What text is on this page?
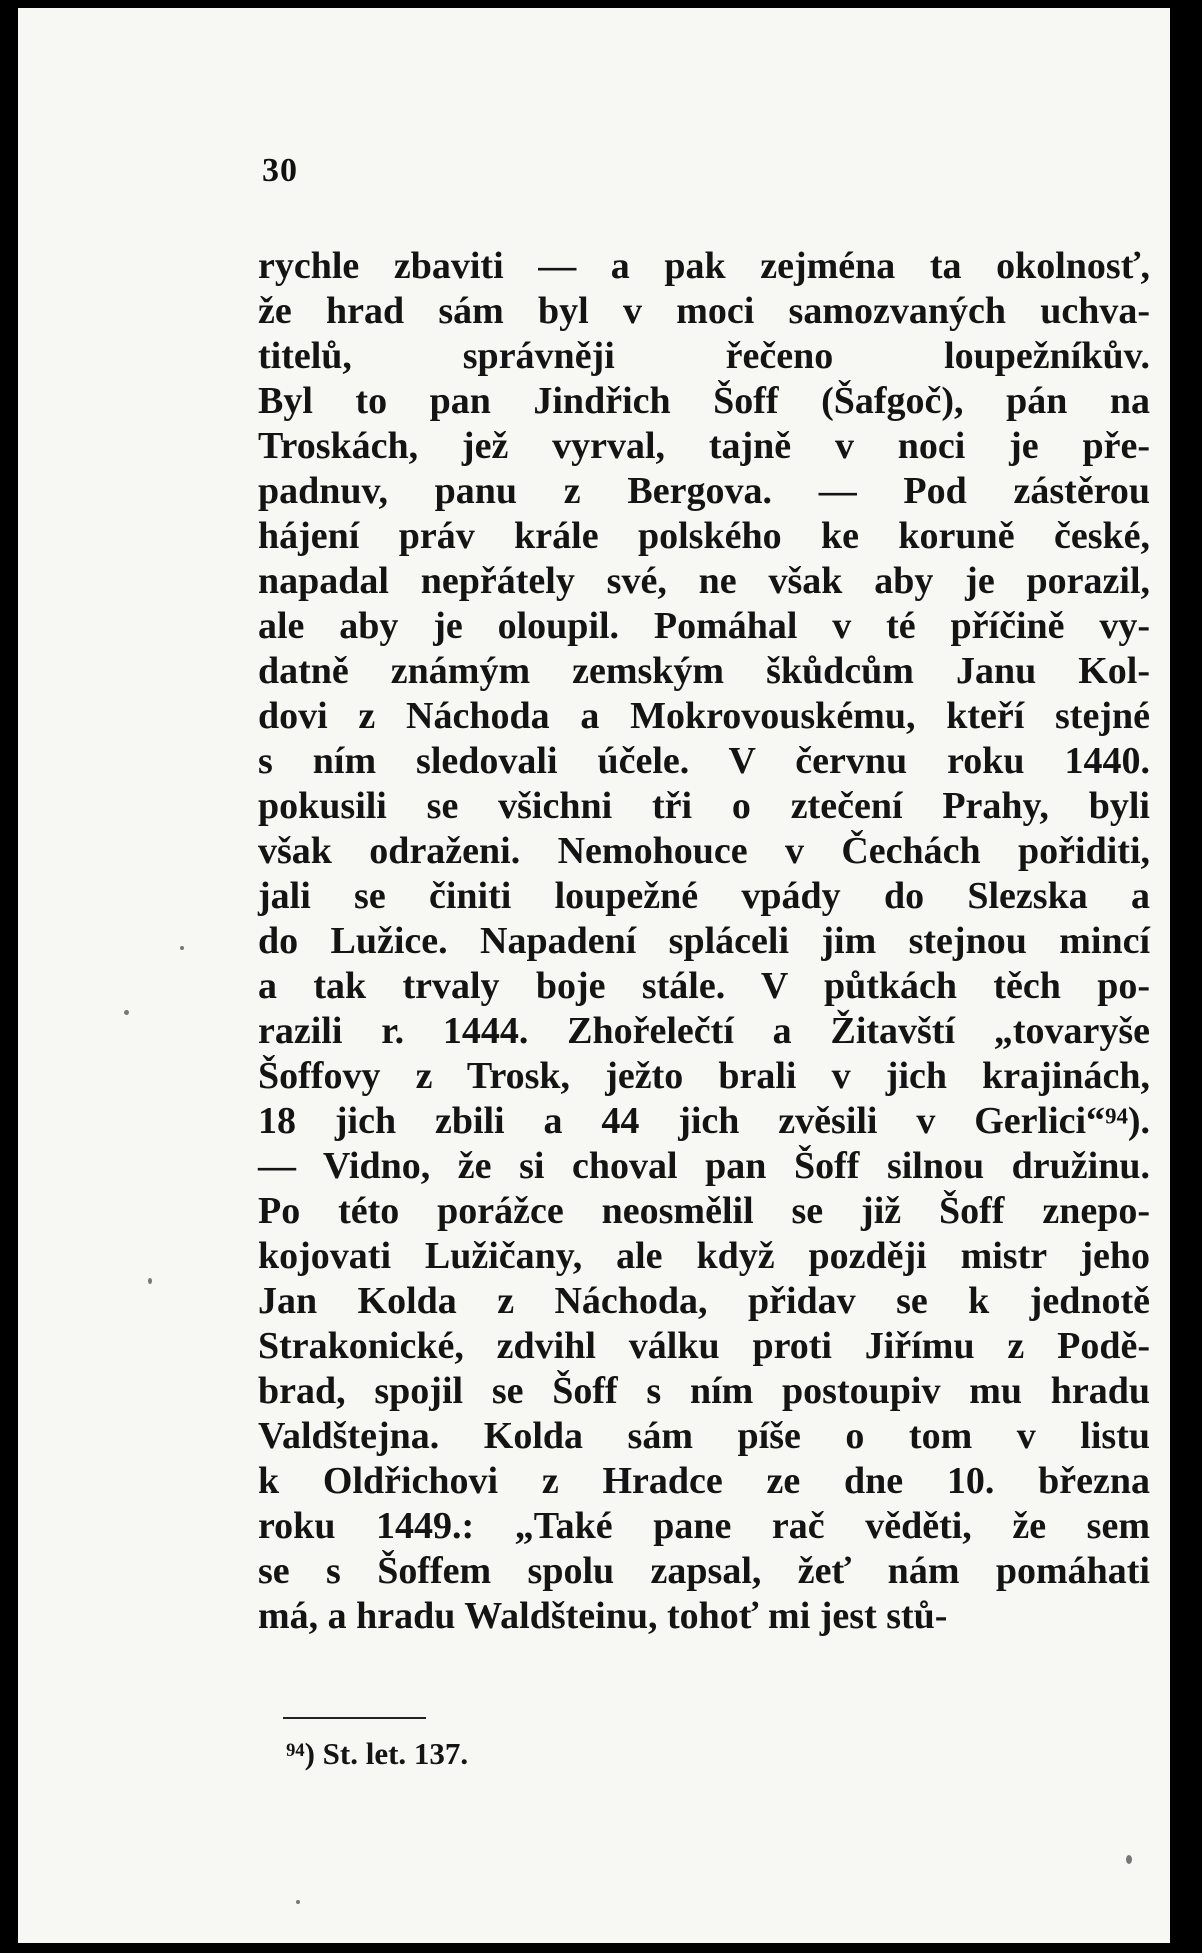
30
rychle zbaviti — a pak zejména ta okolnosť,
že hrad sám byl v moci samozvaných uchva-
titelů, správněji řečeno loupežníkův.
Byl to pan Jindřich Šoff (Šafgoč), pán na
Troskách, jež vyrval, tajně v noci je pře-
padnuv, panu z Bergova. — Pod zástěrou
hájení práv krále polského ke koruně české,
napadal nepřátely své, ne však aby je porazil,
ale aby je oloupil. Pomáhal v té příčině vy-
datně známým zemským škůdcům Janu Kol-
dovi z Náchoda a Mokrovouskému, kteří stejné
s ním sledovali účele. V červnu roku 1440.
pokusili se všichni tři o ztečení Prahy, byli
však odraženi. Nemohouce v Čechách pořiditi,
jali se činiti loupežné vpády do Slezska a
do Lužice. Napadení spláceli jim stejnou mincí
a tak trvaly boje stále. V půtkách těch po-
razili r. 1444. Zhořelečtí a Žitavští „tovaryše
Šoffovy z Trosk, ježto brali v jich krajinách,
18 jich zbili a 44 jich zvěsili v Gerlici“⁹⁴).
— Vidno, že si choval pan Šoff silnou družinu.
Po této porážce neosmělil se již Šoff znepo-
kojovati Lužičany, ale když později mistr jeho
Jan Kolda z Náchoda, přidav se k jednotě
Strakonické, zdvihl válku proti Jiřímu z Podě-
brad, spojil se Šoff s ním postoupiv mu hradu
Valdštejna. Kolda sám píše o tom v listu
k Oldřichovi z Hradce ze dne 10. března
roku 1449.: „Také pane rač věděti, že sem
se s Šoffem spolu zapsal, žeť nám pomáhati
má, a hradu Waldšteinu, tohoť mi jest stů-
⁹⁴) St. let. 137.
